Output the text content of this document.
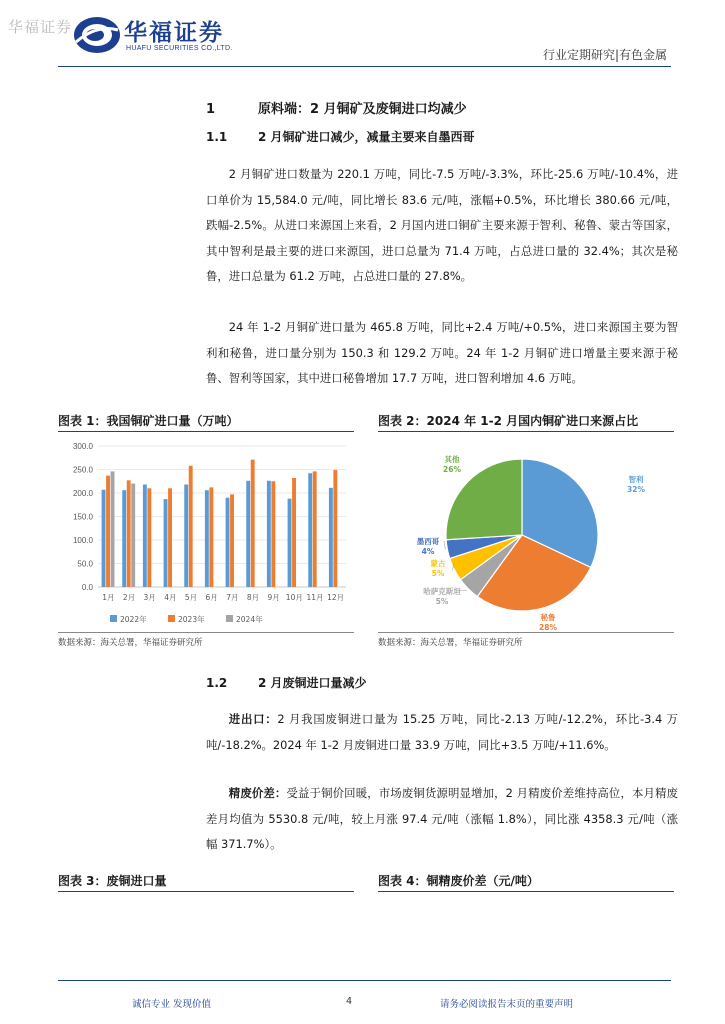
华福证券 华福证券
HUAFU SECURITIES CO.,LTD.	行业定期研究|有色金属
1	原料端：2 月铜矿及废铜进口均减少
1.1	2 月铜矿进口减少，减量主要来自墨西哥

2 月铜矿进口数量为 220.1 万吨，同比-7.5 万吨/-3.3%，环比-25.6 万吨/-10.4%，进口单价为 15,584.0 元/吨，同比增长 83.6 元/吨，涨幅+0.5%，环比增长 380.66 元/吨，跌幅-2.5%。从进口来源国上来看，2 月国内进口铜矿主要来源于智利、秘鲁、蒙古等国家，其中智利是最主要的进口来源国，进口总量为 71.4 万吨，占总进口量的 32.4%；其次是秘鲁，进口总量为 61.2 万吨，占总进口量的 27.8%。

24 年 1-2 月铜矿进口量为 465.8 万吨，同比+2.4 万吨/+0.5%，进口来源国主要为智利和秘鲁，进口量分别为 150.3 和 129.2 万吨。24 年 1-2 月铜矿进口增量主要来源于秘鲁、智利等国家，其中进口秘鲁增加 17.7 万吨，进口智利增加 4.6 万吨。

图表 1：我国铜矿进口量（万吨）	图表 2：2024 年 1-2 月国内铜矿进口来源占比
0.0
50.0
100.0
150.0
200.0
250.0
300.0
1月 2月 3月 4月 5月 6月 7月 8月 9月 10月 11月 12月
2022年	2023年	2024年
智利
32%
秘鲁
28%
哈萨克斯坦
5%
蒙古
5%
墨西哥
4%
其他
26%
数据来源：海关总署，华福证券研究所	数据来源：海关总署，华福证券研究所
1.2	2 月废铜进口量减少

进出口：2 月我国废铜进口量为 15.25 万吨，同比-2.13 万吨/-12.2%，环比-3.4 万吨/-18.2%。2024 年 1-2 月废铜进口量 33.9 万吨，同比+3.5 万吨/+11.6%。

精废价差：受益于铜价回暖，市场废铜货源明显增加，2 月精废价差维持高位，本月精废差月均值为 5530.8 元/吨，较上月涨 97.4 元/吨（涨幅 1.8%），同比涨 4358.3 元/吨（涨幅 371.7%）。

图表 3：废铜进口量	图表 4：铜精废价差（元/吨）
诚信专业 发现价值	4	请务必阅读报告末页的重要声明
